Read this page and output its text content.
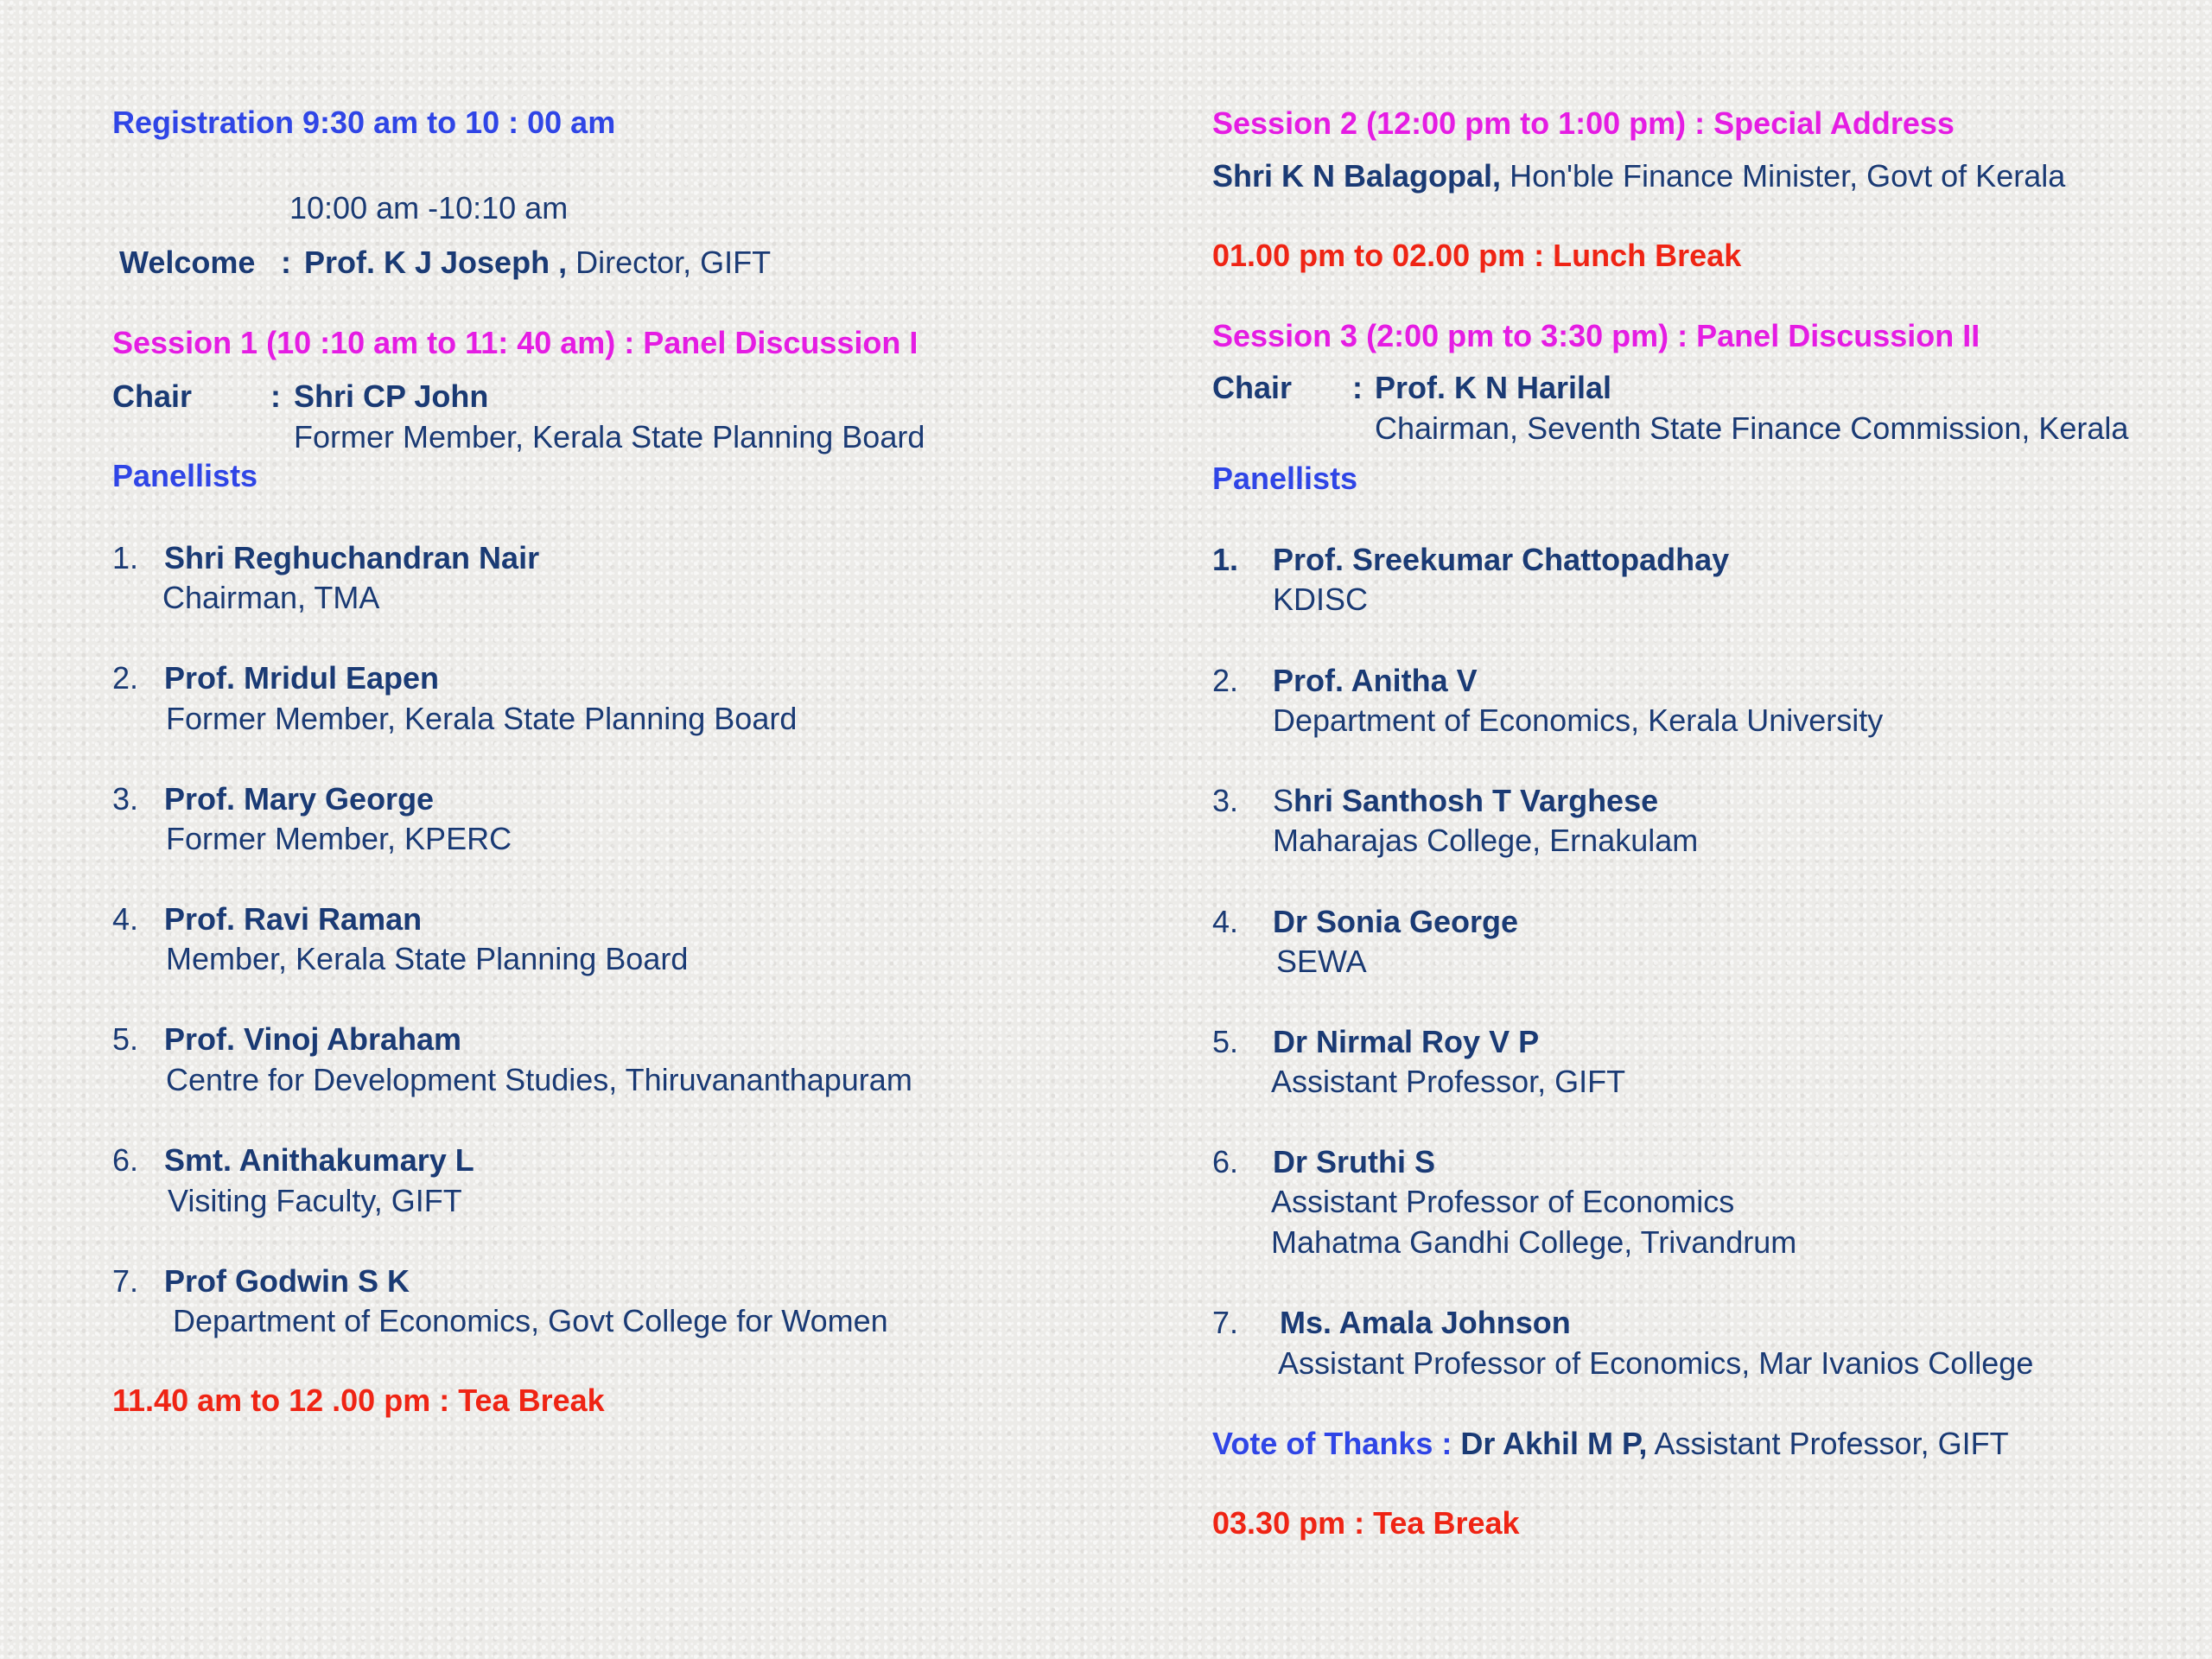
Registration 9:30 am to 10 : 00 am
10:00 am -10:10 am
Welcome : Prof. K J Joseph , Director, GIFT
Session 1 (10 :10 am to 11: 40 am) : Panel Discussion I
Chair	: Shri CP John
Former Member, Kerala State Planning Board
Panellists
1. Shri Reghuchandran Nair
Chairman, TMA
2. Prof. Mridul Eapen
Former Member, Kerala State Planning Board
3. Prof. Mary George
Former Member, KPERC
4. Prof. Ravi Raman
Member, Kerala State Planning Board
5. Prof. Vinoj Abraham
Centre for Development Studies, Thiruvananthapuram
6. Smt. Anithakumary L
Visiting Faculty, GIFT
7. Prof Godwin S K
Department of Economics, Govt College for Women
11.40 am to 12 .00 pm : Tea Break
Session 2 (12:00 pm to 1:00 pm) : Special Address
Shri K N Balagopal, Hon'ble Finance Minister, Govt of Kerala
01.00 pm to 02.00 pm : Lunch Break
Session 3 (2:00 pm to 3:30 pm) : Panel Discussion II
Chair : Prof. K N Harilal
Chairman, Seventh State Finance Commission, Kerala
Panellists
1. Prof. Sreekumar Chattopadhay
KDISC
2. Prof. Anitha V
Department of Economics, Kerala University
3. Shri Santhosh T Varghese
Maharajas College, Ernakulam
4. Dr Sonia George
SEWA
5. Dr Nirmal Roy V P
Assistant Professor, GIFT
6. Dr Sruthi S
Assistant Professor of Economics
Mahatma Gandhi College, Trivandrum
7. Ms. Amala Johnson
Assistant Professor of Economics, Mar Ivanios College
Vote of Thanks : Dr Akhil M P, Assistant Professor, GIFT
03.30 pm : Tea Break
